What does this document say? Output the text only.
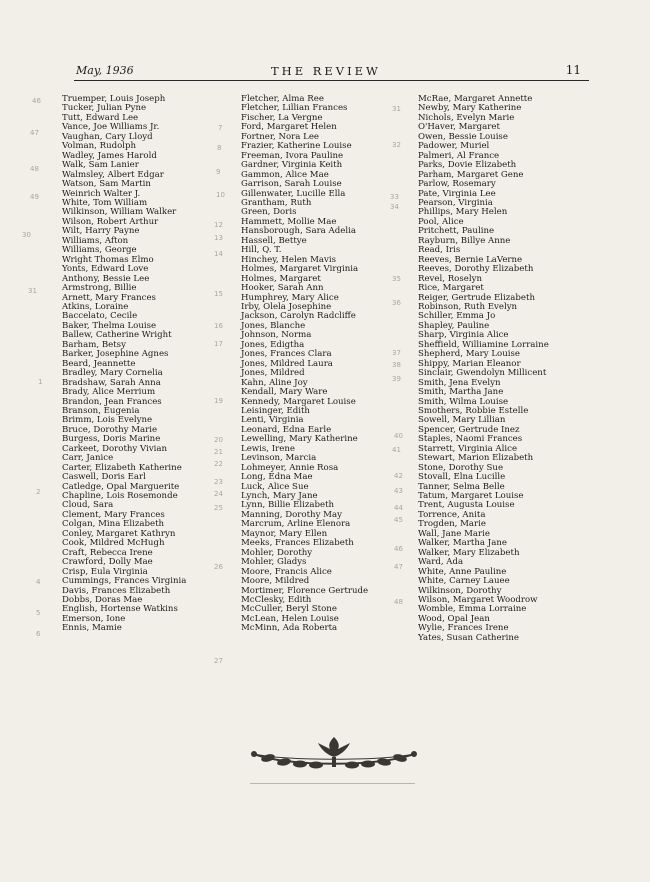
May, 1936	THE REVIEW	11
Truemper, Louis Joseph
Tucker, Julian Pyne
Tutt, Edward Lee
Vance, Joe Williams Jr.
Vaughan, Cary Lloyd
Volman, Rudolph
Wadley, James Harold
Walk, Sam Lanier
Walmsley, Albert Edgar
Watson, Sam Martin
Weinrich Walter J.
White, Tom William
Wilkinson, William Walker
Wilson, Robert Arthur
Wilt, Harry Payne
Williams, Afton
Williams, George
Wright Thomas Elmo
Yonts, Edward Love
Anthony, Bessie Lee
Armstrong, Billie
Arnett, Mary Frances
Atkins, Loraine
Baccelato, Cecile
Baker, Thelma Louise
Ballew, Catherine Wright
Barham, Betsy
Barker, Josephine Agnes
Beard, Jeannette
Bradley, Mary Cornelia
Bradshaw, Sarah Anna
Brady, Alice Merrium
Brandon, Jean Frances
Branson, Eugenia
Brimm, Lois Evelyne
Bruce, Dorothy Marie
Burgess, Doris Marine
Carkeet, Dorothy Vivian
Carr, Janice
Carter, Elizabeth Katherine
Caswell, Doris Earl
Catledge, Opal Marguerite
Chapline, Lois Rosemonde
Cloud, Sara
Clement, Mary Frances
Colgan, Mina Elizabeth
Conley, Margaret Kathryn
Cook, Mildred McHugh
Craft, Rebecca Irene
Crawford, Dolly Mae
Crisp, Eula Virginia
Cummings, Frances Virginia
Davis, Frances Elizabeth
Dobbs, Doras Mae
English, Hortense Watkins
Emerson, Ione
Ennis, Mamie
Fletcher, Alma Ree
Fletcher, Lillian Frances
Fischer, La Vergne
Ford, Margaret Helen
Fortner, Nora Lee
Frazier, Katherine Louise
Freeman, Ivora Pauline
Gardner, Virginia Keith
Gammon, Alice Mae
Garrison, Sarah Louise
Gillenwater, Lucille Ella
Grantham, Ruth
Green, Doris
Hammett, Mollie Mae
Hansborough, Sara Adelia
Hassell, Bettye
Hill, Q. T.
Hinchey, Helen Mavis
Holmes, Margaret Virginia
Holmes, Margaret
Hooker, Sarah Ann
Humphrey, Mary Alice
Irby, Olela Josephine
Jackson, Carolyn Radcliffe
Jones, Blanche
Johnson, Norma
Jones, Edigtha
Jones, Frances Clara
Jones, Mildred Laura
Jones, Mildred
Kahn, Aline Joy
Kendall, Mary Ware
Kennedy, Margaret Louise
Leisinger, Edith
Lenti, Virginia
Leonard, Edna Earle
Lewelling, Mary Katherine
Lewis, Irene
Levinson, Marcia
Lohmeyer, Annie Rosa
Long, Edna Mae
Luck, Alice Sue
Lynch, Mary Jane
Lynn, Billie Elizabeth
Manning, Dorothy May
Marcrum, Arline Elenora
Maynor, Mary Ellen
Meeks, Frances Elizabeth
Mohler, Dorothy
Mohler, Gladys
Moore, Francis Alice
Moore, Mildred
Mortimer, Florence Gertrude
McClesky, Edith
McCuller, Beryl Stone
McLean, Helen Louise
McMinn, Ada Roberta
McRae, Margaret Annette
Newby, Mary Katherine
Nichols, Evelyn Marie
O'Haver, Margaret
Owen, Bessie Louise
Padower, Muriel
Palmeri, Al France
Parks, Dovie Elizabeth
Parham, Margaret Gene
Parlow, Rosemary
Pate, Virginia Lee
Pearson, Virginia
Phillips, Mary Helen
Pool, Alice
Pritchett, Pauline
Rayburn, Billye Anne
Read, Iris
Reeves, Bernie LaVerne
Reeves, Dorothy Elizabeth
Revel, Roselyn
Rice, Margaret
Reiger, Gertrude Elizabeth
Robinson, Ruth Evelyn
Schiller, Emma Jo
Shapley, Pauline
Sharp, Virginia Alice
Sheffield, Williamine Lorraine
Shepherd, Mary Louise
Shippy, Marian Eleanor
Sinclair, Gwendolyn Millicent
Smith, Jena Evelyn
Smith, Martha Jane
Smith, Wilma Louise
Smothers, Robbie Estelle
Sowell, Mary Lillian
Spencer, Gertrude Inez
Staples, Naomi Frances
Starrett, Virginia Alice
Stewart, Marion Elizabeth
Stone, Dorothy Sue
Stovall, Elna Lucille
Tanner, Selma Belle
Tatum, Margaret Louise
Trent, Augusta Louise
Torrence, Anita
Trogden, Marie
Wall, Jane Marie
Walker, Martha Jane
Walker, Mary Elizabeth
Ward, Ada
White, Anne Pauline
White, Carney Lauee
Wilkinson, Dorothy
Wilson, Margaret Woodrow
Womble, Emma Lorraine
Wood, Opal Jean
Wylie, Frances Irene
Yates, Susan Catherine
46
47
48
49
30
31
1
2
4
5
6
7
8
9
10
12
13
14
15
16
17
19
20
21
22
23
24
25
26
27
31
32
33
34
35
36
37
38
39
40
41
42
43
44
45
46
47
48
